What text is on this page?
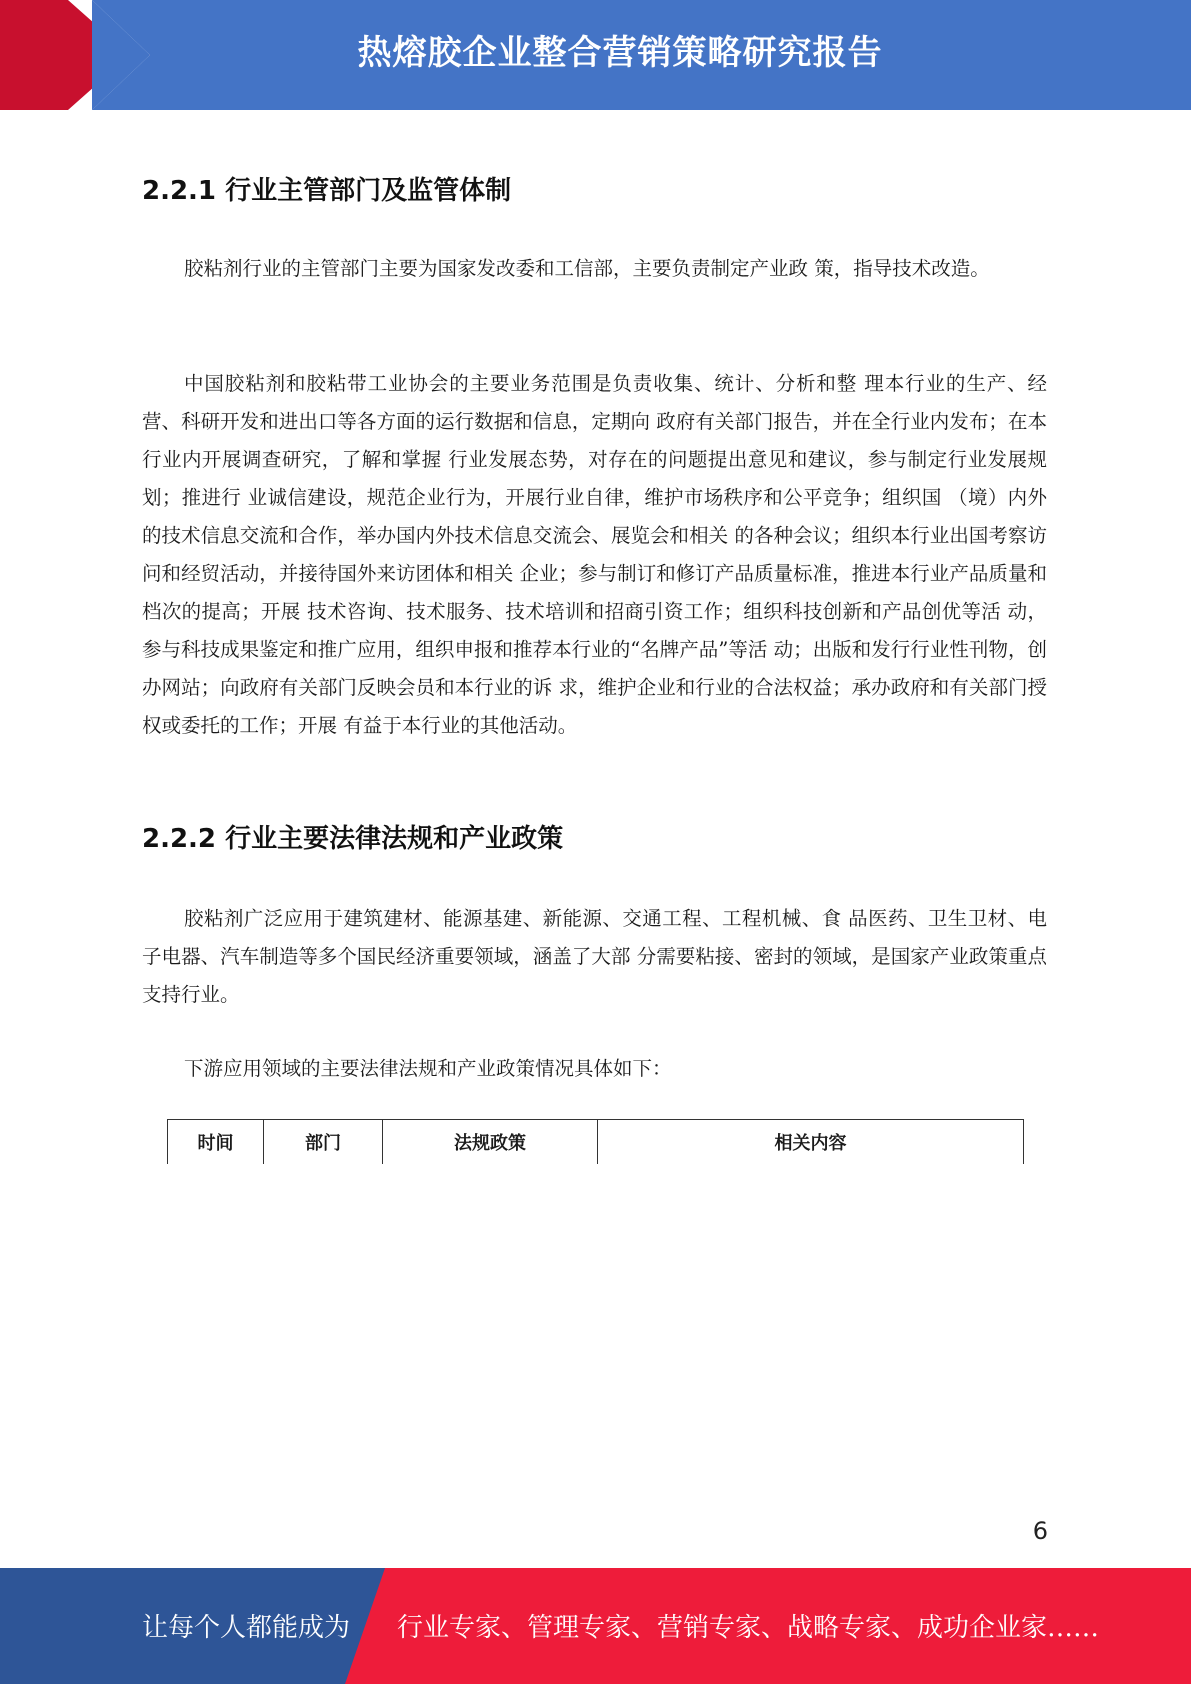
热熔胶企业整合营销策略研究报告
2.2.1 行业主管部门及监管体制

胶粘剂行业的主管部门主要为国家发改委和工信部，主要负责制定产业政 策，指导技术改造。

中国胶粘剂和胶粘带工业协会的主要业务范围是负责收集、统计、分析和整 理本行业的生产、经营、科研开发和进出口等各方面的运行数据和信息，定期向 政府有关部门报告，并在全行业内发布；在本行业内开展调查研究，了解和掌握 行业发展态势，对存在的问题提出意见和建议，参与制定行业发展规划；推进行 业诚信建设，规范企业行为，开展行业自律，维护市场秩序和公平竞争；组织国 （境）内外的技术信息交流和合作，举办国内外技术信息交流会、展览会和相关 的各种会议；组织本行业出国考察访问和经贸活动，并接待国外来访团体和相关 企业；参与制订和修订产品质量标准，推进本行业产品质量和档次的提高；开展 技术咨询、技术服务、技术培训和招商引资工作；组织科技创新和产品创优等活 动，参与科技成果鉴定和推广应用，组织申报和推荐本行业的“名牌产品”等活 动；出版和发行行业性刊物，创办网站；向政府有关部门反映会员和本行业的诉 求，维护企业和行业的合法权益；承办政府和有关部门授权或委托的工作；开展 有益于本行业的其他活动。

2.2.2 行业主要法律法规和产业政策

胶粘剂广泛应用于建筑建材、能源基建、新能源、交通工程、工程机械、食 品医药、卫生卫材、电子电器、汽车制造等多个国民经济重要领域，涵盖了大部 分需要粘接、密封的领域，是国家产业政策重点支持行业。

下游应用领域的主要法律法规和产业政策情况具体如下：

时间	部门	法规政策	相关内容
6
让每个人都能成为 行业专家、管理专家、营销专家、战略专家、成功企业家……
